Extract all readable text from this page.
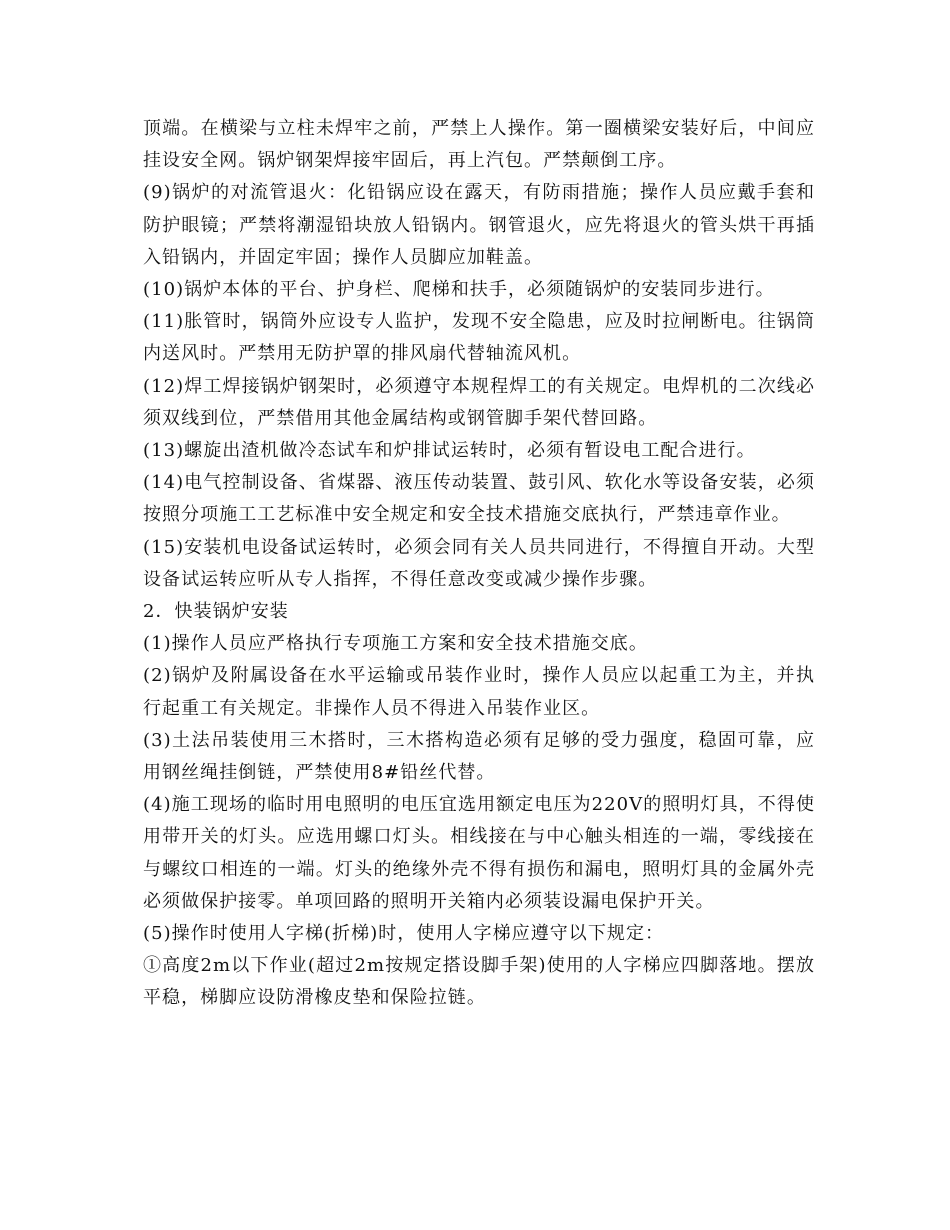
顶端。在横梁与立柱未焊牢之前，严禁上人操作。第一圈横梁安装好后，中间应挂设安全网。锅炉钢架焊接牢固后，再上汽包。严禁颠倒工序。

(9)锅炉的对流管退火：化铅锅应设在露天，有防雨措施；操作人员应戴手套和防护眼镜；严禁将潮湿铅块放人铅锅内。钢管退火，应先将退火的管头烘干再插入铅锅内，并固定牢固；操作人员脚应加鞋盖。

(10)锅炉本体的平台、护身栏、爬梯和扶手，必须随锅炉的安装同步进行。

(11)胀管时，锅筒外应设专人监护，发现不安全隐患，应及时拉闸断电。往锅筒内送风时。严禁用无防护罩的排风扇代替轴流风机。

(12)焊工焊接锅炉钢架时，必须遵守本规程焊工的有关规定。电焊机的二次线必须双线到位，严禁借用其他金属结构或钢管脚手架代替回路。

(13)螺旋出渣机做冷态试车和炉排试运转时，必须有暂设电工配合进行。

(14)电气控制设备、省煤器、液压传动装置、鼓引风、软化水等设备安装，必须按照分项施工工艺标准中安全规定和安全技术措施交底执行，严禁违章作业。

(15)安装机电设备试运转时，必须会同有关人员共同进行，不得擅自开动。大型设备试运转应听从专人指挥，不得任意改变或减少操作步骤。

2．快装锅炉安装

(1)操作人员应严格执行专项施工方案和安全技术措施交底。

(2)锅炉及附属设备在水平运输或吊装作业时，操作人员应以起重工为主，并执行起重工有关规定。非操作人员不得进入吊装作业区。

(3)土法吊装使用三木搭时，三木搭构造必须有足够的受力强度，稳固可靠，应用钢丝绳挂倒链，严禁使用8#铅丝代替。

(4)施工现场的临时用电照明的电压宜选用额定电压为220V的照明灯具，不得使用带开关的灯头。应选用螺口灯头。相线接在与中心触头相连的一端，零线接在与螺纹口相连的一端。灯头的绝缘外壳不得有损伤和漏电，照明灯具的金属外壳必须做保护接零。单项回路的照明开关箱内必须装设漏电保护开关。

(5)操作时使用人字梯(折梯)时，使用人字梯应遵守以下规定：

①高度2m以下作业(超过2m按规定搭设脚手架)使用的人字梯应四脚落地。摆放平稳，梯脚应设防滑橡皮垫和保险拉链。
